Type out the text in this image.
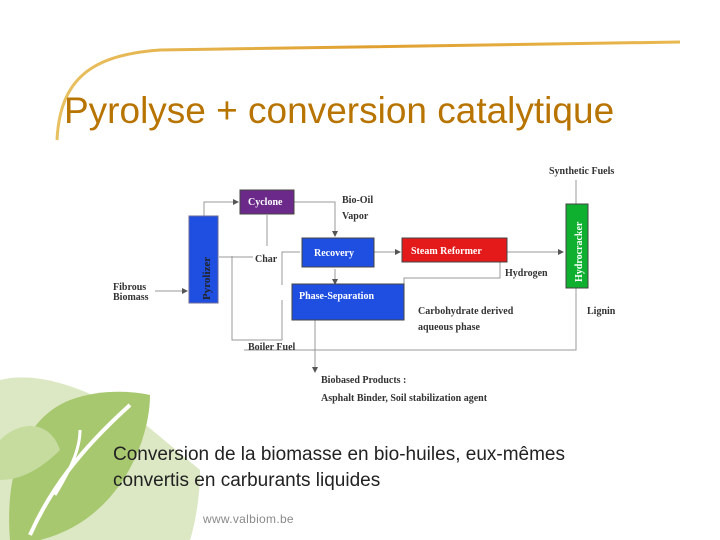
Pyrolyse + conversion catalytique
Pyrolizer
Cyclone
Recovery	Steam Reformer
Phase-Separation
Hydrocracker
Fibrous
Biomass
Bio-Oil
Vapor
Char
Hydrogen
Synthetic Fuels
Lignin
Carbohydrate derived
aqueous phase
Boiler Fuel
Biobased Products :
Asphalt Binder, Soil stabilization agent
Conversion de la biomasse en bio-huiles, eux-mêmes convertis en carburants liquides
www.valbiom.be
